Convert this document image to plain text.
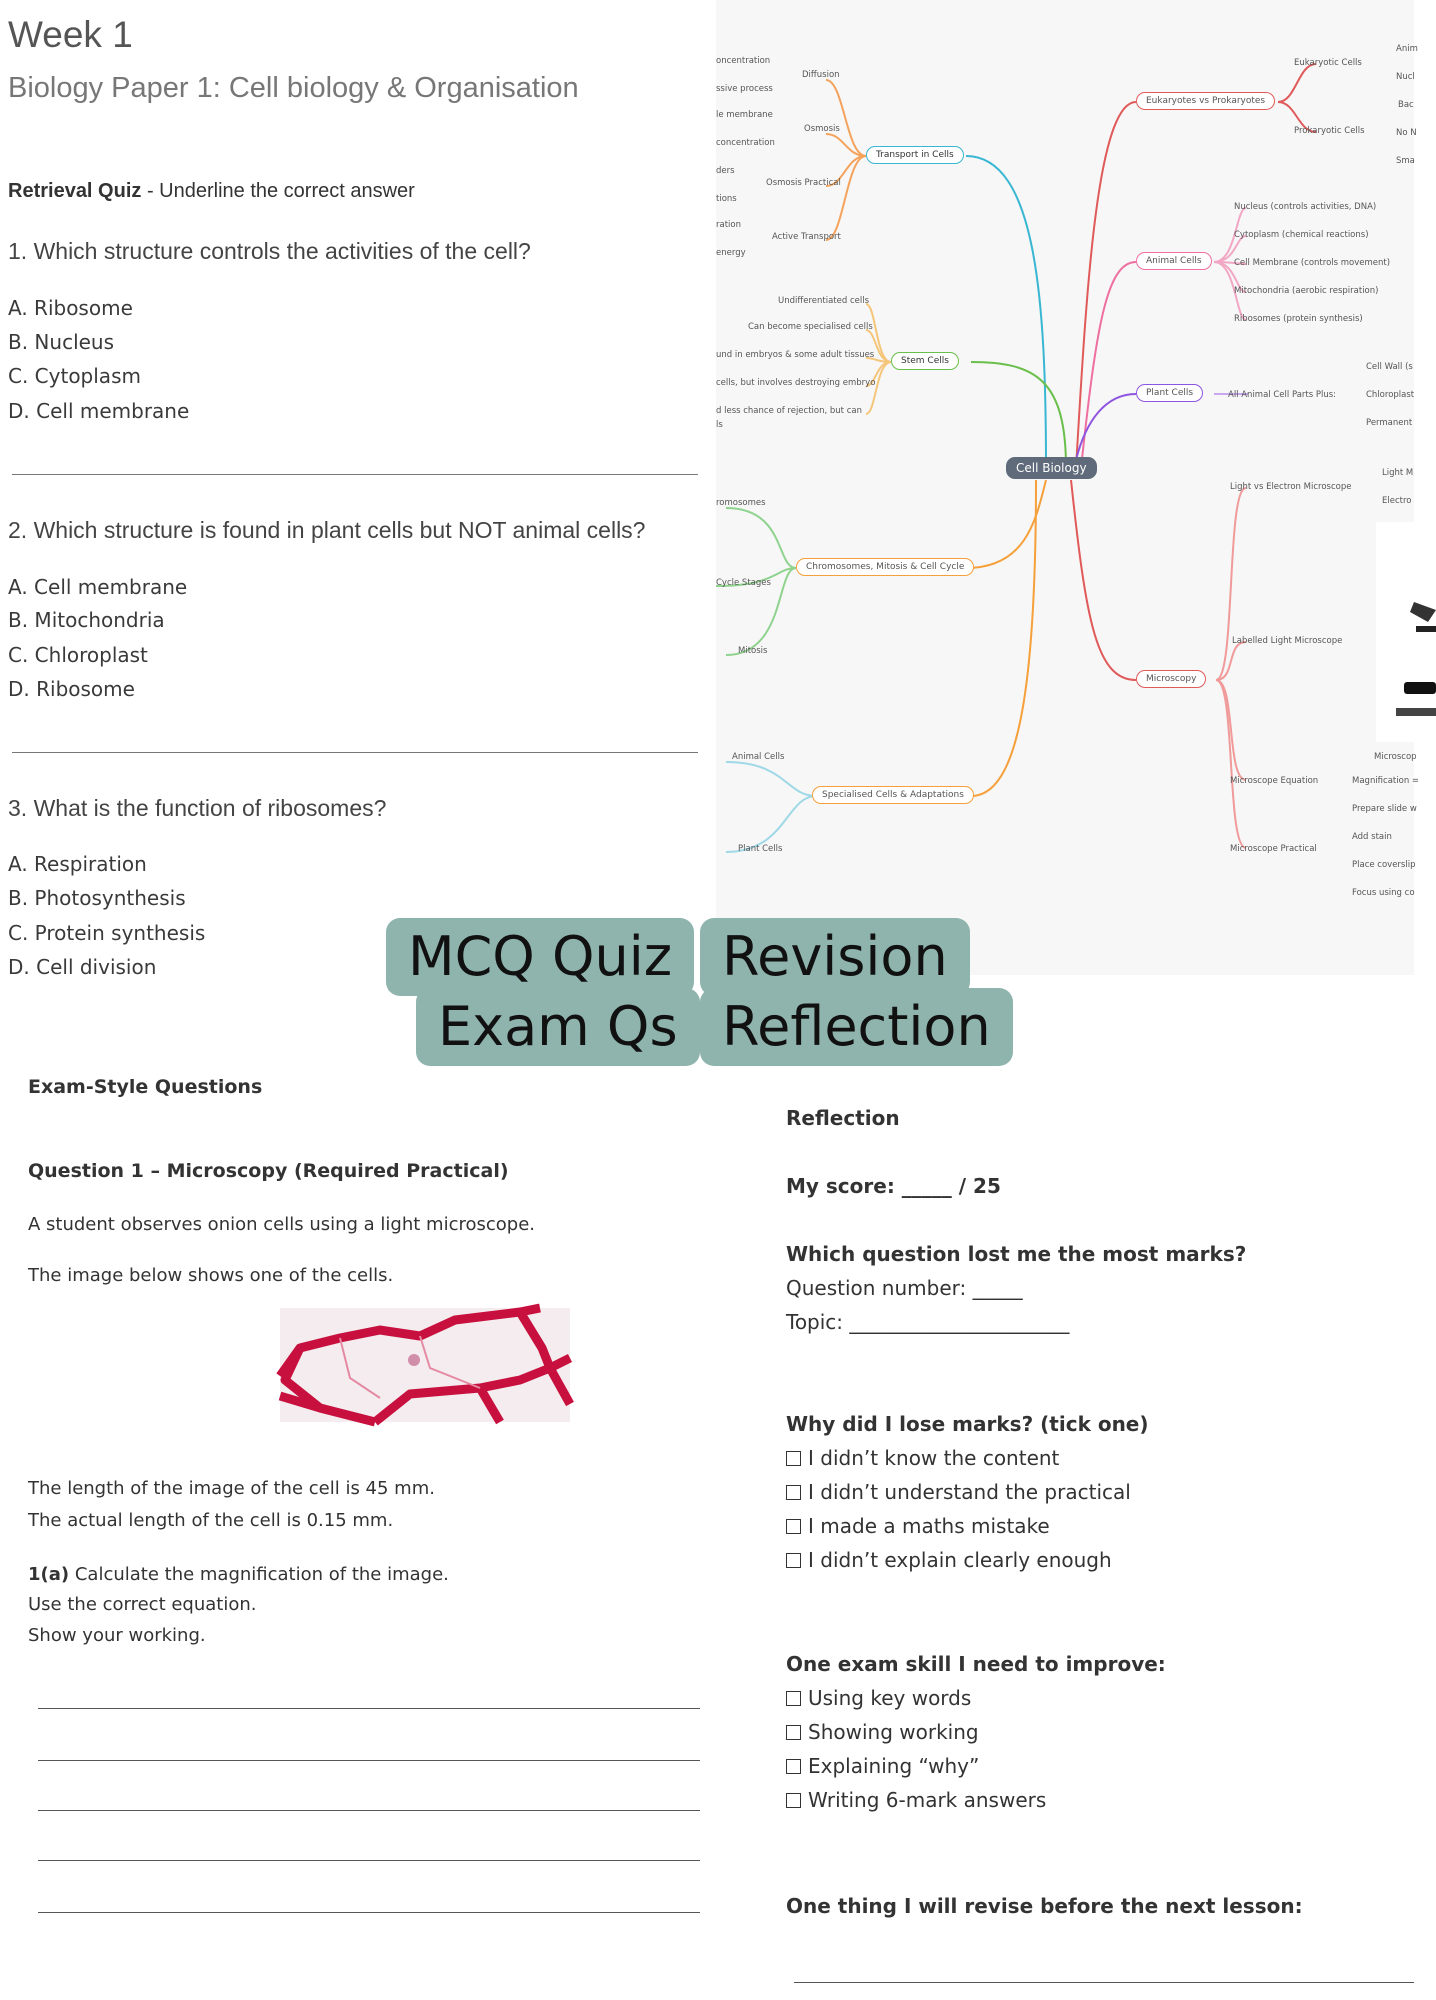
Week 1
Biology Paper 1: Cell biology & Organisation
Retrieval Quiz - Underline the correct answer
1. Which structure controls the activities of the cell?
A. Ribosome
B. Nucleus
C. Cytoplasm
D. Cell membrane
2. Which structure is found in plant cells but NOT animal cells?
A. Cell membrane
B. Mitochondria
C. Chloroplast
D. Ribosome
3. What is the function of ribosomes?
A. Respiration
B. Photosynthesis
C. Protein synthesis
D. Cell division
Cell Biology
Transport in Cells
Diffusion
Osmosis
Osmosis Practical
Active Transport
oncentration
ssive process
le membrane
concentration
ders
tions
ration
energy
Stem Cells
Undifferentiated cells
Can become specialised cells
und in embryos & some adult tissues
cells, but involves destroying embryo
d less chance of rejection, but can
ls
Chromosomes, Mitosis & Cell Cycle
romosomes
Cycle Stages
Mitosis
Specialised Cells & Adaptations
Animal Cells
Plant Cells
Eukaryotes vs Prokaryotes
Eukaryotic Cells
Prokaryotic Cells
Anim
Nucl
Bac
No N
Sma
Animal Cells
Nucleus (controls activities, DNA)
Cytoplasm (chemical reactions)
Cell Membrane (controls movement)
Mitochondria (aerobic respiration)
Ribosomes (protein synthesis)
Plant Cells	All Animal Cell Parts Plus:
Cell Wall (s
Chloroplast
Permanent
Microscopy
Light vs Electron Microscope
Light M
Electro
Labelled Light Microscope
Microscop
Microscope Equation	Magnification =
Microscope Practical
Prepare slide w
Add stain
Place coverslip
Focus using co
MCQ Quiz Revision
Exam Qs Reflection
Exam-Style Questions
Question 1 – Microscopy (Required Practical)
A student observes onion cells using a light microscope.
The image below shows one of the cells.
The length of the image of the cell is 45 mm.
The actual length of the cell is 0.15 mm.
1(a) Calculate the magnification of the image.
Use the correct equation.
Show your working.
Reflection
My score: _____ / 25
Which question lost me the most marks?
Question number: _____
Topic: ______________________
Why did I lose marks? (tick one)
I didn’t know the content
I didn’t understand the practical
I made a maths mistake
I didn’t explain clearly enough
One exam skill I need to improve:
Using key words
Showing working
Explaining “why”
Writing 6-mark answers
One thing I will revise before the next lesson:
